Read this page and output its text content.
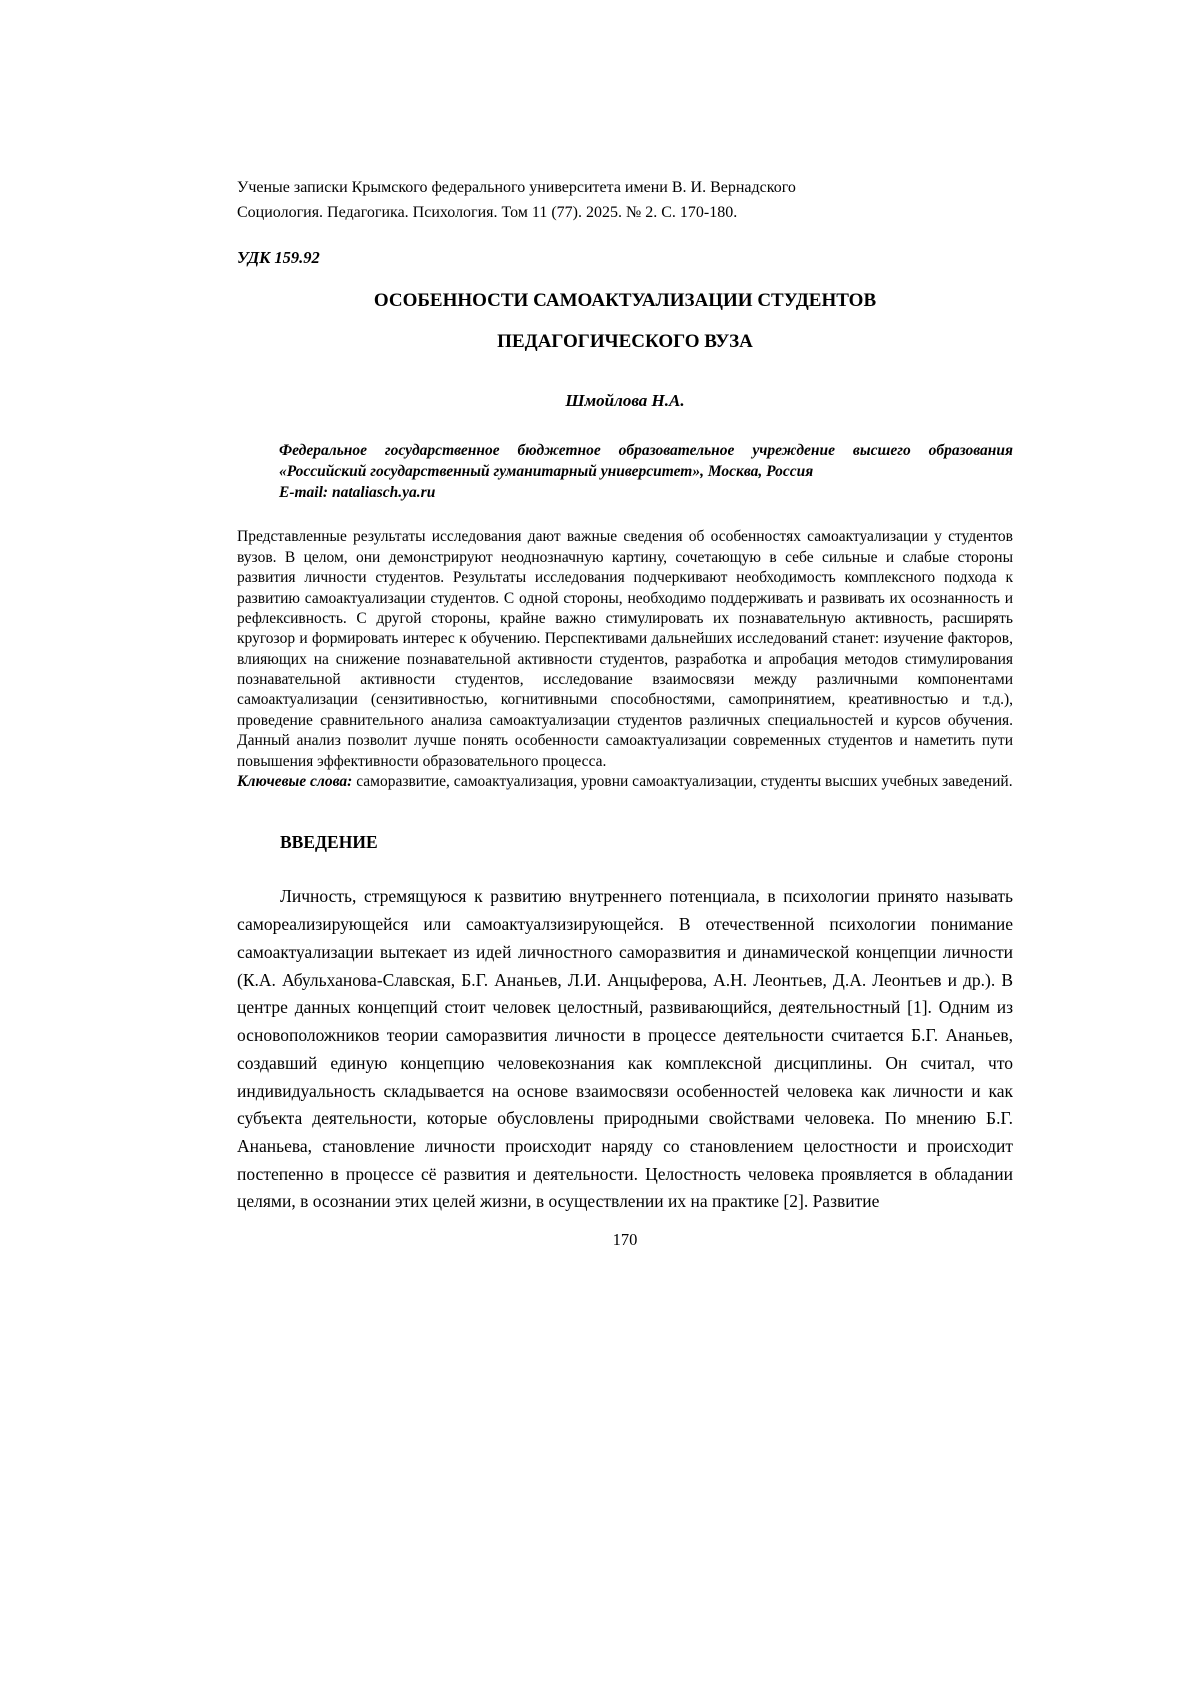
Ученые записки Крымского федерального университета имени В. И. Вернадского
Социология. Педагогика. Психология. Том 11 (77). 2025. № 2. С. 170-180.
УДК 159.92
ОСОБЕННОСТИ САМОАКТУАЛИЗАЦИИ СТУДЕНТОВ
ПЕДАГОГИЧЕСКОГО ВУЗА
Шмойлова Н.А.
Федеральное государственное бюджетное образовательное учреждение высшего образования «Российский государственный гуманитарный университет», Москва, Россия
E-mail: nataliasch.ya.ru
Представленные результаты исследования дают важные сведения об особенностях самоактуализации у студентов вузов. В целом, они демонстрируют неоднозначную картину, сочетающую в себе сильные и слабые стороны развития личности студентов. Результаты исследования подчеркивают необходимость комплексного подхода к развитию самоактуализации студентов. С одной стороны, необходимо поддерживать и развивать их осознанность и рефлексивность. С другой стороны, крайне важно стимулировать их познавательную активность, расширять кругозор и формировать интерес к обучению. Перспективами дальнейших исследований станет: изучение факторов, влияющих на снижение познавательной активности студентов, разработка и апробация методов стимулирования познавательной активности студентов, исследование взаимосвязи между различными компонентами самоактуализации (сензитивностью, когнитивными способностями, самопринятием, креативностью и т.д.), проведение сравнительного анализа самоактуализации студентов различных специальностей и курсов обучения. Данный анализ позволит лучше понять особенности самоактуализации современных студентов и наметить пути повышения эффективности образовательного процесса.
Ключевые слова: саморазвитие, самоактуализация, уровни самоактуализации, студенты высших учебных заведений.
ВВЕДЕНИЕ
Личность, стремящуюся к развитию внутреннего потенциала, в психологии принято называть самореализирующейся или самоактуалзизирующейся. В отечественной психологии понимание самоактуализации вытекает из идей личностного саморазвития и динамической концепции личности (К.А. Абульханова-Славская, Б.Г. Ананьев, Л.И. Анцыферова, А.Н. Леонтьев, Д.А. Леонтьев и др.). В центре данных концепций стоит человек целостный, развивающийся, деятельностный [1]. Одним из основоположников теории саморазвития личности в процессе деятельности считается Б.Г. Ананьев, создавший единую концепцию человекознания как комплексной дисциплины. Он считал, что индивидуальность складывается на основе взаимосвязи особенностей человека как личности и как субъекта деятельности, которые обусловлены природными свойствами человека. По мнению Б.Г. Ананьева, становление личности происходит наряду со становлением целостности и происходит постепенно в процессе сё развития и деятельности. Целостность человека проявляется в обладании целями, в осознании этих целей жизни, в осуществлении их на практике [2]. Развитие
170
